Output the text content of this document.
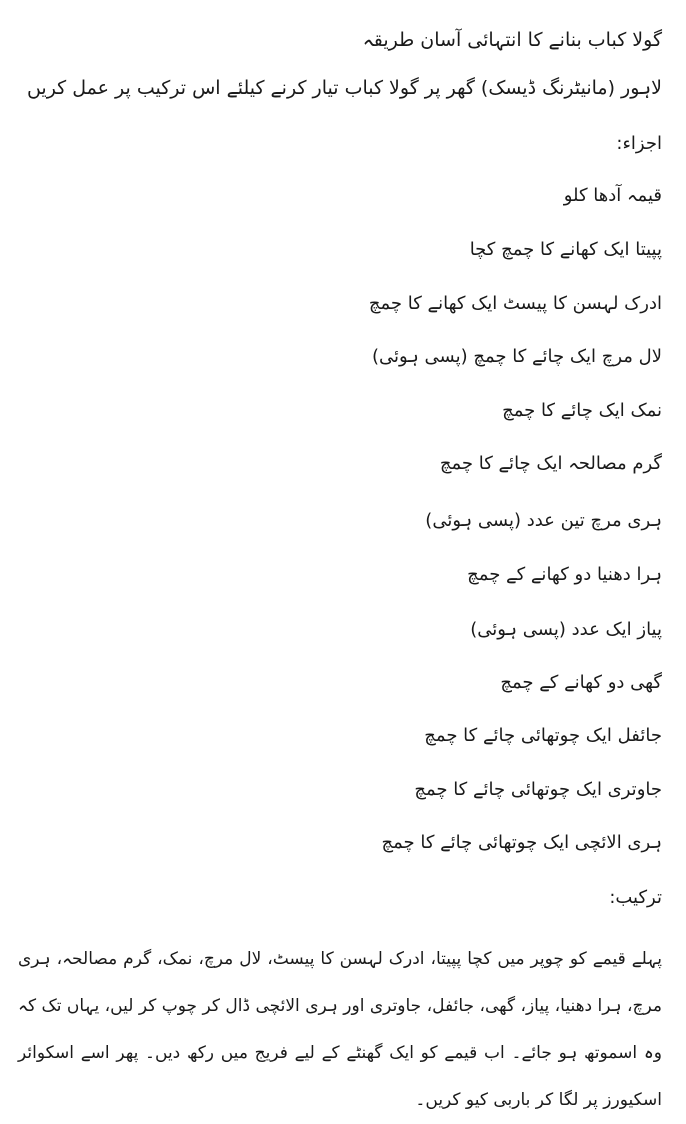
گولا کباب بنانے کا انتہائی آسان طریقہ
لاہور (مانیٹرنگ ڈیسک) گھر پر گولا کباب تیار کرنے کیلئے اس ترکیب پر عمل کریں
اجزاء:
قیمہ آدھا کلو
پپیتا ایک کھانے کا چمچ کچا
ادرک لہسن کا پیسٹ ایک کھانے کا چمچ
لال مرچ ایک چائے کا چمچ (پسی ہوئی)
نمک ایک چائے کا چمچ
گرم مصالحہ ایک چائے کا چمچ
ہری مرچ تین عدد (پسی ہوئی)
ہرا دھنیا دو کھانے کے چمچ
پیاز ایک عدد (پسی ہوئی)
گھی دو کھانے کے چمچ
جائفل ایک چوتھائی چائے کا چمچ
جاوتری ایک چوتھائی چائے کا چمچ
ہری الائچی ایک چوتھائی چائے کا چمچ
ترکیب:
پہلے قیمے کو چوپر میں کچا پپیتا، ادرک لہسن کا پیسٹ، لال مرچ، نمک، گرم مصالحہ، ہری مرچ، ہرا دھنیا، پیاز، گھی، جائفل، جاوتری اور ہری الائچی ڈال کر چوپ کر لیں، یہاں تک کہ وہ اسموتھ ہو جائے۔ اب قیمے کو ایک گھنٹے کے لیے فریج میں رکھ دیں۔ پھر اسے اسکوائر اسکیورز پر لگا کر باربی کیو کریں۔
